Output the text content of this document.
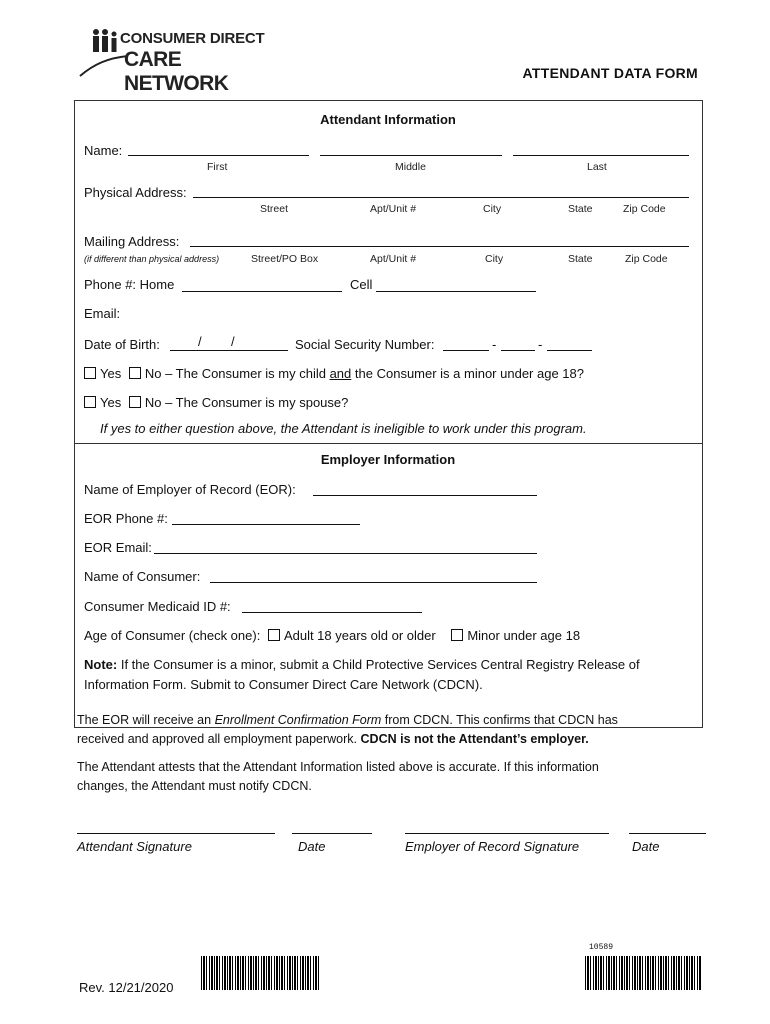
CONSUMER DIRECT
CARE NETWORK	ATTENDANT DATA FORM
Attendant Information
Name:
First	Middle	Last
Physical Address:
Street	Apt/Unit #	City	State	Zip Code
Mailing Address:
(if different than physical address)	Street/PO Box	Apt/Unit #	City	State	Zip Code
Phone #: Home	Cell
Email:
Date of Birth:	/ /	Social Security Number:	-	-
Yes No – The Consumer is my child and the Consumer is a minor under age 18?
Yes No – The Consumer is my spouse?
If yes to either question above, the Attendant is ineligible to work under this program.
Employer Information
Name of Employer of Record (EOR):
EOR Phone #:
EOR Email:
Name of Consumer:
Consumer Medicaid ID #:
Age of Consumer (check one): Adult 18 years old or older Minor under age 18
Note: If the Consumer is a minor, submit a Child Protective Services Central Registry Release of
Information Form. Submit to Consumer Direct Care Network (CDCN).
The EOR will receive an Enrollment Confirmation Form from CDCN. This confirms that CDCN has
received and approved all employment paperwork. CDCN is not the Attendant’s employer.
The Attendant attests that the Attendant Information listed above is accurate. If this information
changes, the Attendant must notify CDCN.
Attendant Signature	Date	Employer of Record Signature	Date
Rev. 12/21/2020
10589
